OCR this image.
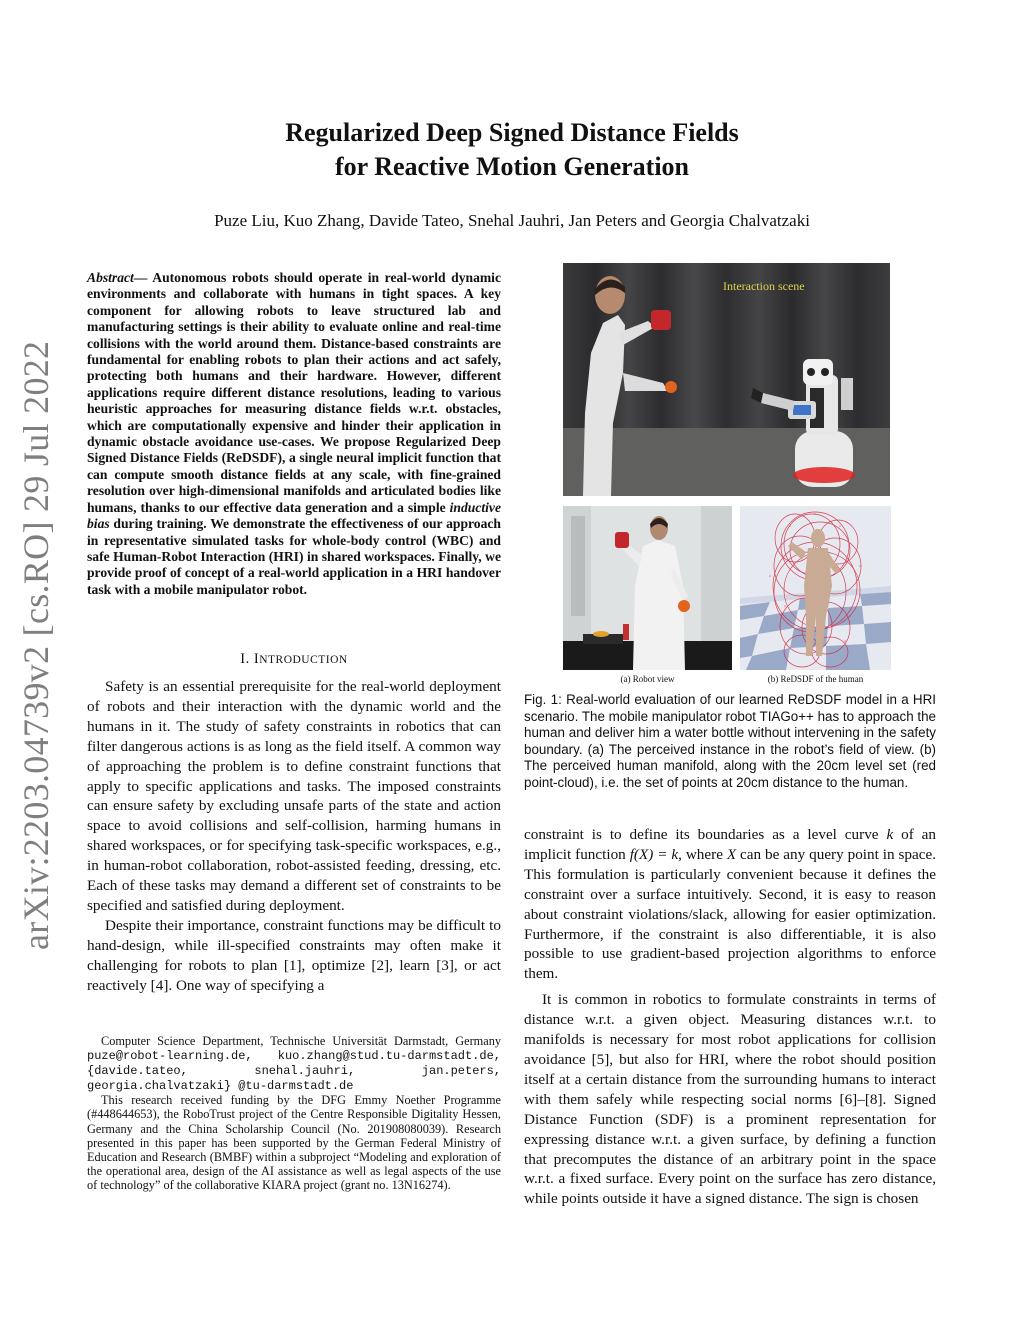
arXiv:2203.04739v2 [cs.RO] 29 Jul 2022
Regularized Deep Signed Distance Fields
for Reactive Motion Generation
Puze Liu, Kuo Zhang, Davide Tateo, Snehal Jauhri, Jan Peters and Georgia Chalvatzaki
Abstract— Autonomous robots should operate in real-world dynamic environments and collaborate with humans in tight spaces. A key component for allowing robots to leave structured lab and manufacturing settings is their ability to evaluate online and real-time collisions with the world around them. Distance-based constraints are fundamental for enabling robots to plan their actions and act safely, protecting both humans and their hardware. However, different applications require different distance resolutions, leading to various heuristic approaches for measuring distance fields w.r.t. obstacles, which are computationally expensive and hinder their application in dynamic obstacle avoidance use-cases. We propose Regularized Deep Signed Distance Fields (ReDSDF), a single neural implicit function that can compute smooth distance fields at any scale, with fine-grained resolution over high-dimensional manifolds and articulated bodies like humans, thanks to our effective data generation and a simple inductive bias during training. We demonstrate the effectiveness of our approach in representative simulated tasks for whole-body control (WBC) and safe Human-Robot Interaction (HRI) in shared workspaces. Finally, we provide proof of concept of a real-world application in a HRI handover task with a mobile manipulator robot.
I. INTRODUCTION

Safety is an essential prerequisite for the real-world deployment of robots and their interaction with the dynamic world and the humans in it. The study of safety constraints in robotics that can filter dangerous actions is as long as the field itself. A common way of approaching the problem is to define constraint functions that apply to specific applications and tasks. The imposed constraints can ensure safety by excluding unsafe parts of the state and action space to avoid collisions and self-collision, harming humans in shared workspaces, or for specifying task-specific workspaces, e.g., in human-robot collaboration, robot-assisted feeding, dressing, etc. Each of these tasks may demand a different set of constraints to be specified and satisfied during deployment.

Despite their importance, constraint functions may be difficult to hand-design, while ill-specified constraints may often make it challenging for robots to plan [1], optimize [2], learn [3], or act reactively [4]. One way of specifying a

Computer Science Department, Technische Universität Darmstadt, Germany puze@robot-learning.de, kuo.zhang@stud.tu-darmstadt.de, {davide.tateo, snehal.jauhri, jan.peters, georgia.chalvatzaki} @tu-darmstadt.de

This research received funding by the DFG Emmy Noether Programme (#448644653), the RoboTrust project of the Centre Responsible Digitality Hessen, Germany and the China Scholarship Council (No. 201908080039). Research presented in this paper has been supported by the German Federal Ministry of Education and Research (BMBF) within a subproject “Modeling and exploration of the operational area, design of the AI assistance as well as legal aspects of the use of technology” of the collaborative KIARA project (grant no. 13N16274).

Interaction scene
(a) Robot view	(b) ReDSDF of the human
Fig. 1: Real-world evaluation of our learned ReDSDF model in a HRI scenario. The mobile manipulator robot TIAGo++ has to approach the human and deliver him a water bottle without intervening in the safety boundary. (a) The perceived instance in the robot’s field of view. (b) The perceived human manifold, along with the 20cm level set (red point-cloud), i.e. the set of points at 20cm distance to the human.

constraint is to define its boundaries as a level curve k of an implicit function f(X) = k, where X can be any query point in space. This formulation is particularly convenient because it defines the constraint over a surface intuitively. Second, it is easy to reason about constraint violations/slack, allowing for easier optimization. Furthermore, if the constraint is also differentiable, it is also possible to use gradient-based projection algorithms to enforce them.

It is common in robotics to formulate constraints in terms of distance w.r.t. a given object. Measuring distances w.r.t. to manifolds is necessary for most robot applications for collision avoidance [5], but also for HRI, where the robot should position itself at a certain distance from the surrounding humans to interact with them safely while respecting social norms [6]–[8]. Signed Distance Function (SDF) is a prominent representation for expressing distance w.r.t. a given surface, by defining a function that precomputes the distance of an arbitrary point in the space w.r.t. a fixed surface. Every point on the surface has zero distance, while points outside it have a signed distance. The sign is chosen
